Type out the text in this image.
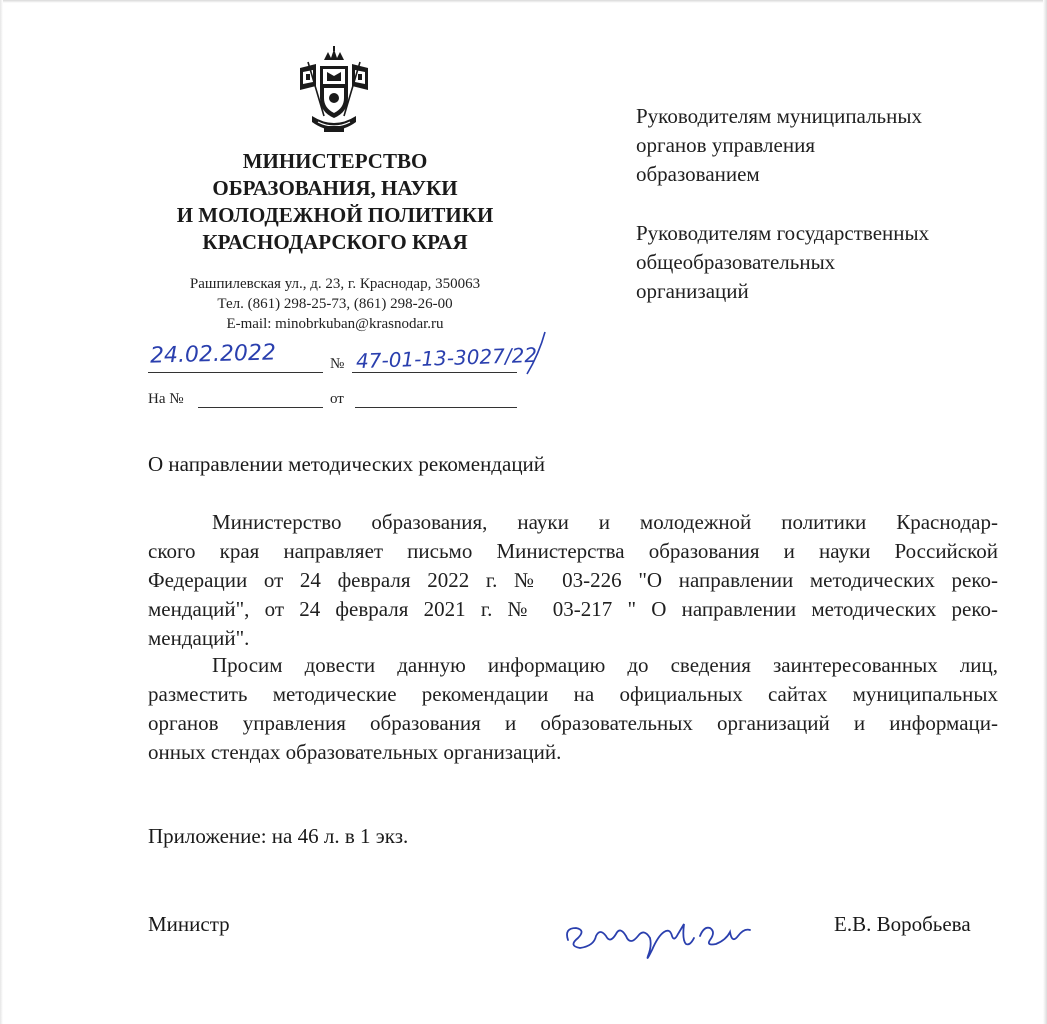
МИНИСТЕРСТВО
ОБРАЗОВАНИЯ, НАУКИ
И МОЛОДЕЖНОЙ ПОЛИТИКИ
КРАСНОДАРСКОГО КРАЯ
Рашпилевская ул., д. 23, г. Краснодар, 350063
Тел. (861) 298-25-73, (861) 298-26-00
E-mail: minobrkuban@krasnodar.ru
24.02.2022	№ 47-01-13-3027/22
На №	от
Руководителям муниципальных
органов управления
образованием
Руководителям государственных
общеобразовательных
организаций
О направлении методических рекомендаций
Министерство образования, науки и молодежной политики Краснодар-
ского края направляет письмо Министерства образования и науки Российской
Федерации от 24 февраля 2022 г. № 03-226 "О направлении методических реко-
мендаций", от 24 февраля 2021 г. № 03-217 " О направлении методических реко-
мендаций".
Просим довести данную информацию до сведения заинтересованных лиц,
разместить методические рекомендации на официальных сайтах муниципальных
органов управления образования и образовательных организаций и информаци-
онных стендах образовательных организаций.
Приложение: на 46 л. в 1 экз.
Министр	Е.В. Воробьева
